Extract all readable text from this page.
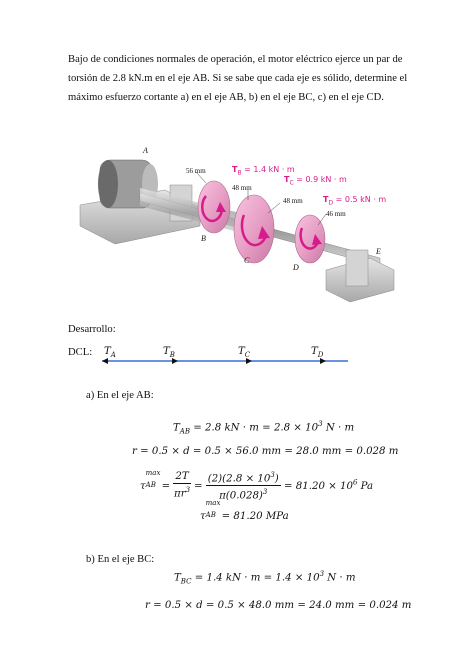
Bajo de condiciones normales de operación, el motor eléctrico ejerce un par de torsión de 2.8 kN.m en el eje AB. Si se sabe que cada eje es sólido, determine el máximo esfuerzo cortante a) en el eje AB, b) en el eje BC, c) en el eje CD.
A
B
C
D
E
56 mm
48 mm
48 mm
46 mm
$T_B = 1.4$ kN · m
$T_C = 0.9$ kN · m
$T_D = 0.5$ kN · m
Desarrollo:
DCL: $T_A$	$T_B$	$T_C$	$T_D$
a) En el eje AB:
$T_{AB} = 2.8$ kN · $m = 2.8 \times 10^3$ N · m
r = 0.5 × d = 0.5 × 56.0 mm = 28.0 mm = 0.028 m
τ
max
AB = $\frac{2T}{\pi r^3} = \frac{(2)(2.8 \times 10^3)}{\pi(0.028)^3} = 81.20 \times 10^6$ Pa
τ
max
AB = 81.20 MPa
b) En el eje BC:
$T_{BC} = 1.4$ kN · $m = 1.4 \times 10^3$ N · m
r = 0.5 × d = 0.5 × 48.0 mm = 24.0 mm = 0.024 m
